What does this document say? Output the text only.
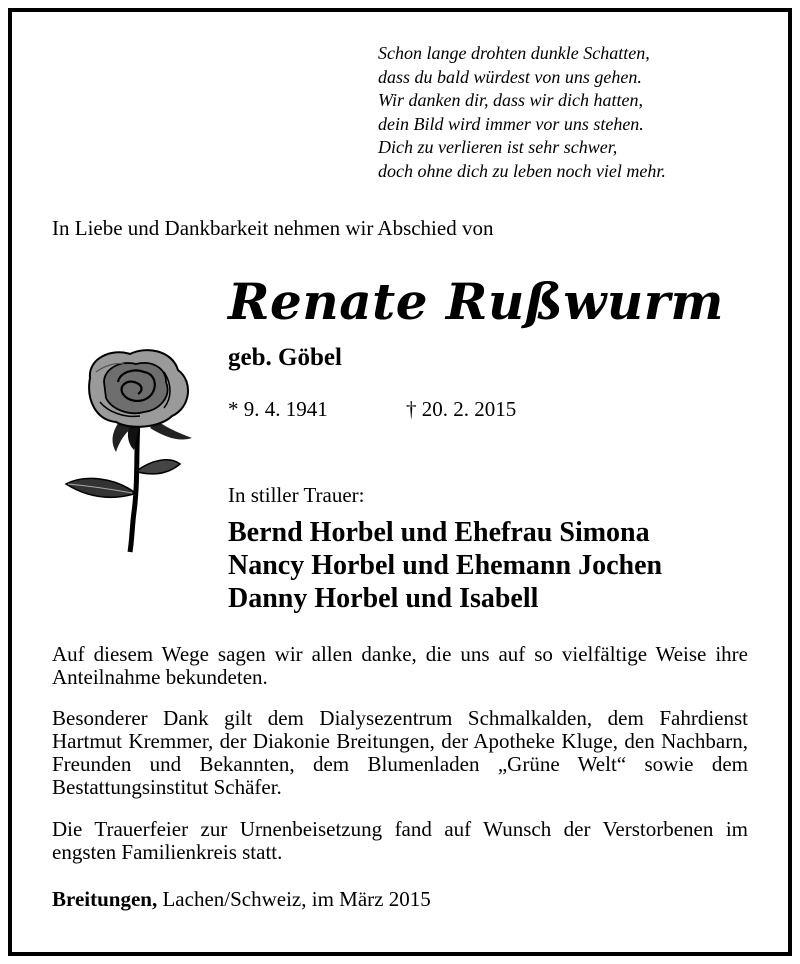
Schon lange drohten dunkle Schatten,
dass du bald würdest von uns gehen.
Wir danken dir, dass wir dich hatten,
dein Bild wird immer vor uns stehen.
Dich zu verlieren ist sehr schwer,
doch ohne dich zu leben noch viel mehr.
In Liebe und Dankbarkeit nehmen wir Abschied von
Renate Rußwurm
geb. Göbel
* 9. 4. 1941	† 20. 2. 2015
In stiller Trauer:
Bernd Horbel und Ehefrau Simona
Nancy Horbel und Ehemann Jochen
Danny Horbel und Isabell
Auf diesem Wege sagen wir allen danke, die uns auf so vielfältige Weise ihre Anteilnahme bekundeten.
Besonderer Dank gilt dem Dialysezentrum Schmalkalden, dem Fahrdienst Hartmut Kremmer, der Diakonie Breitungen, der Apotheke Kluge, den Nachbarn, Freunden und Bekannten, dem Blumenladen „Grüne Welt“ sowie dem Bestattungsinstitut Schäfer.
Die Trauerfeier zur Urnenbeisetzung fand auf Wunsch der Verstorbenen im engsten Familienkreis statt.
Breitungen, Lachen/Schweiz, im März 2015
